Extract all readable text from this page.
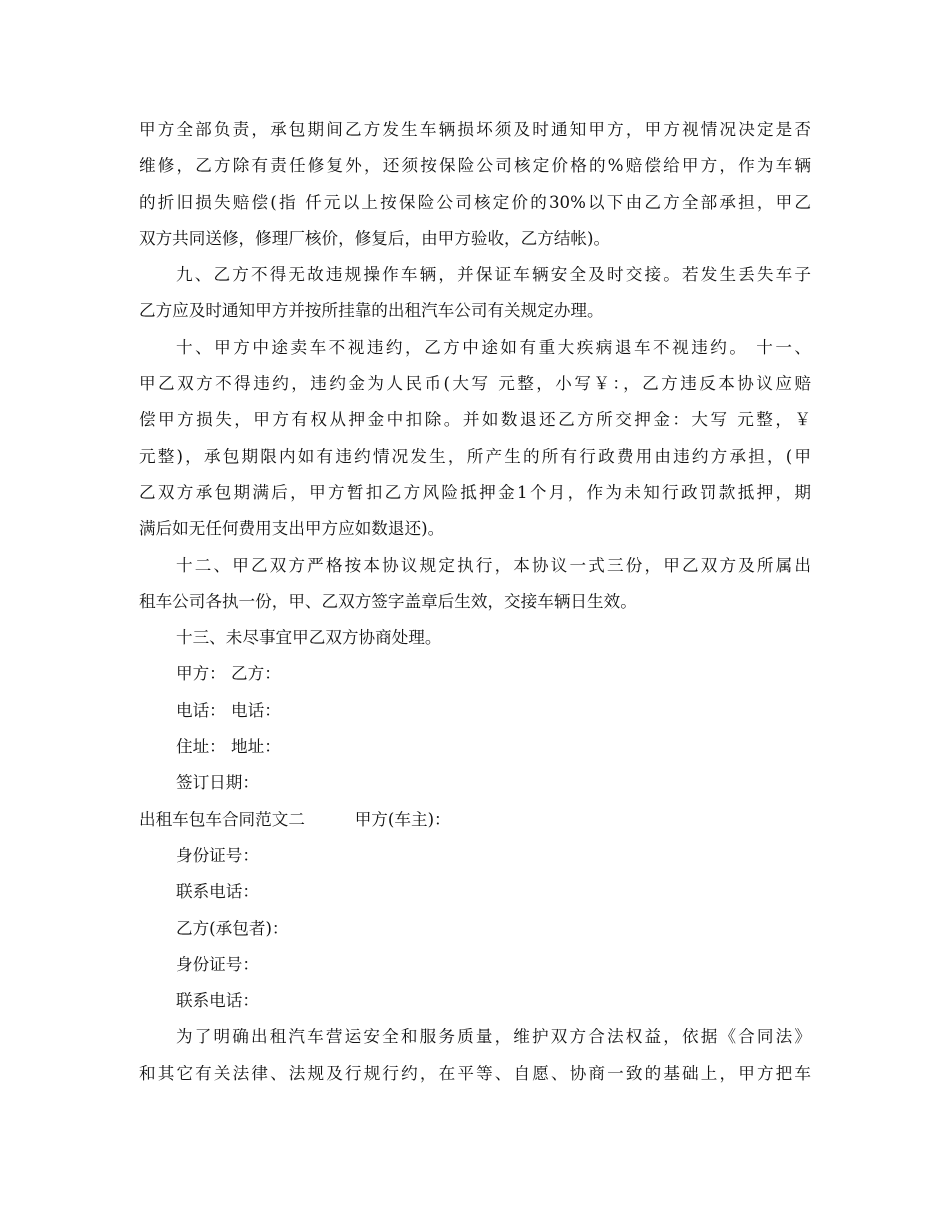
甲方全部负责，承包期间乙方发生车辆损坏须及时通知甲方，甲方视情况决定是否
维修，乙方除有责任修复外，还须按保险公司核定价格的%赔偿给甲方，作为车辆
的折旧损失赔偿(指 仟元以上按保险公司核定价的30%以下由乙方全部承担，甲乙
双方共同送修，修理厂核价，修复后，由甲方验收，乙方结帐)。
九、乙方不得无故违规操作车辆，并保证车辆安全及时交接。若发生丢失车子
乙方应及时通知甲方并按所挂靠的出租汽车公司有关规定办理。
十、甲方中途卖车不视违约，乙方中途如有重大疾病退车不视违约。 十一、
甲乙双方不得违约，违约金为人民币(大写 元整，小写￥：，乙方违反本协议应赔
偿甲方损失，甲方有权从押金中扣除。并如数退还乙方所交押金：大写 元整，￥
元整)，承包期限内如有违约情况发生，所产生的所有行政费用由违约方承担，(甲
乙双方承包期满后，甲方暂扣乙方风险抵押金1个月，作为未知行政罚款抵押，期
满后如无任何费用支出甲方应如数退还)。
十二、甲乙双方严格按本协议规定执行，本协议一式三份，甲乙双方及所属出
租车公司各执一份，甲、乙双方签字盖章后生效，交接车辆日生效。
十三、未尽事宜甲乙双方协商处理。
甲方： 乙方：
电话： 电话：
住址： 地址：
签订日期：
出租车包车合同范文二　　　甲方(车主)：
身份证号：
联系电话：
乙方(承包者)：
身份证号：
联系电话：
为了明确出租汽车营运安全和服务质量，维护双方合法权益，依据《合同法》
和其它有关法律、法规及行规行约，在平等、自愿、协商一致的基础上，甲方把车
